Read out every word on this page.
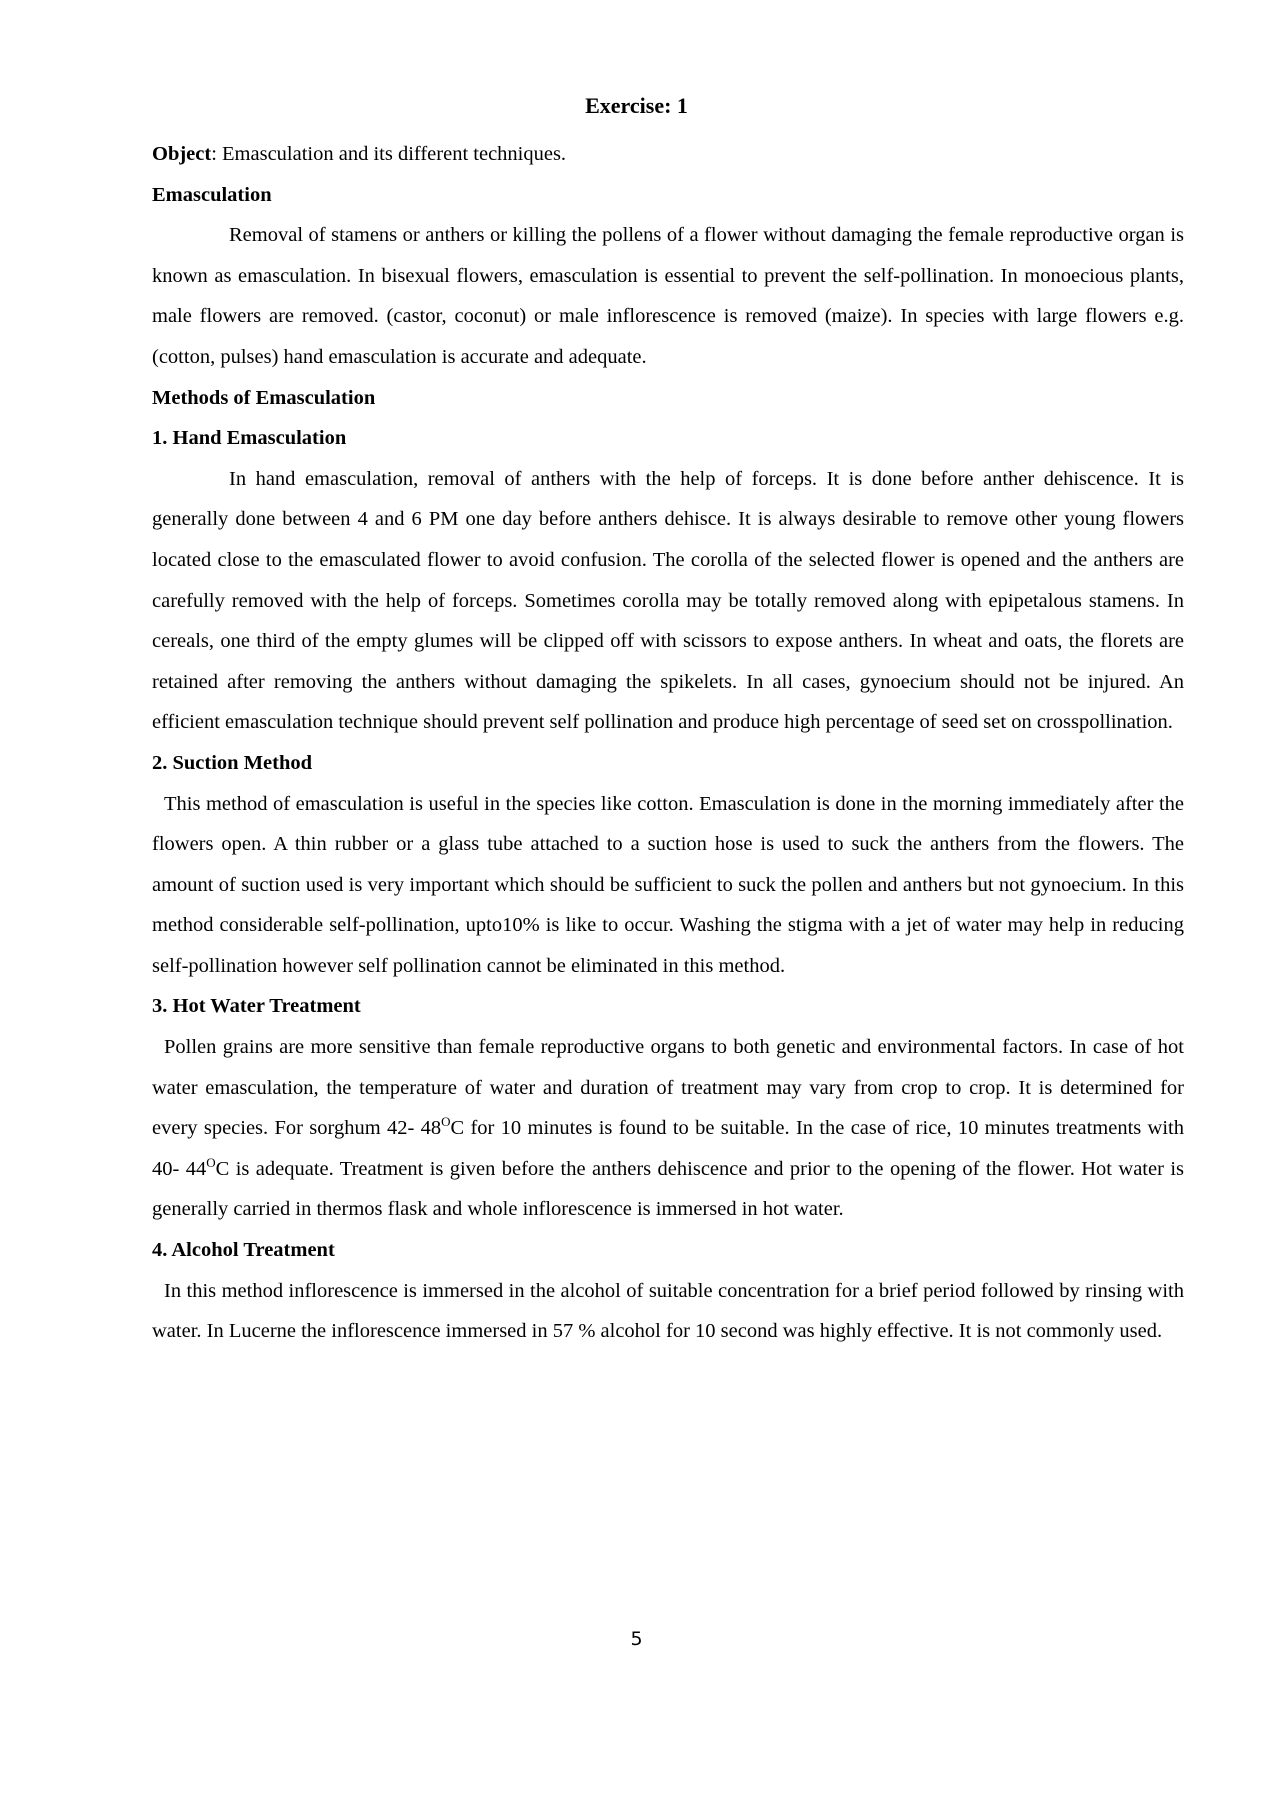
Exercise: 1

Object: Emasculation and its different techniques.

Emasculation

Removal of stamens or anthers or killing the pollens of a flower without damaging the female reproductive organ is known as emasculation. In bisexual flowers, emasculation is essential to prevent the self-pollination. In monoecious plants, male flowers are removed. (castor, coconut) or male inflorescence is removed (maize). In species with large flowers e.g. (cotton, pulses) hand emasculation is accurate and adequate.

Methods of Emasculation
1. Hand Emasculation

In hand emasculation, removal of anthers with the help of forceps. It is done before anther dehiscence. It is generally done between 4 and 6 PM one day before anthers dehisce. It is always desirable to remove other young flowers located close to the emasculated flower to avoid confusion. The corolla of the selected flower is opened and the anthers are carefully removed with the help of forceps. Sometimes corolla may be totally removed along with epipetalous stamens. In cereals, one third of the empty glumes will be clipped off with scissors to expose anthers. In wheat and oats, the florets are retained after removing the anthers without damaging the spikelets. In all cases, gynoecium should not be injured. An efficient emasculation technique should prevent self pollination and produce high percentage of seed set on crosspollination.

2. Suction Method

This method of emasculation is useful in the species like cotton. Emasculation is done in the morning immediately after the flowers open. A thin rubber or a glass tube attached to a suction hose is used to suck the anthers from the flowers. The amount of suction used is very important which should be sufficient to suck the pollen and anthers but not gynoecium. In this method considerable self-pollination, upto10% is like to occur. Washing the stigma with a jet of water may help in reducing self-pollination however self pollination cannot be eliminated in this method.

3. Hot Water Treatment

Pollen grains are more sensitive than female reproductive organs to both genetic and environmental factors. In case of hot water emasculation, the temperature of water and duration of treatment may vary from crop to crop. It is determined for every species. For sorghum 42- $48^OC$ for 10 minutes is found to be suitable. In the case of rice, 10 minutes treatments with 40- $44^OC$ is adequate. Treatment is given before the anthers dehiscence and prior to the opening of the flower. Hot water is generally carried in thermos flask and whole inflorescence is immersed in hot water.

4. Alcohol Treatment

In this method inflorescence is immersed in the alcohol of suitable concentration for a brief period followed by rinsing with water. In Lucerne the inflorescence immersed in 57 % alcohol for 10 second was highly effective. It is not commonly used.

5
